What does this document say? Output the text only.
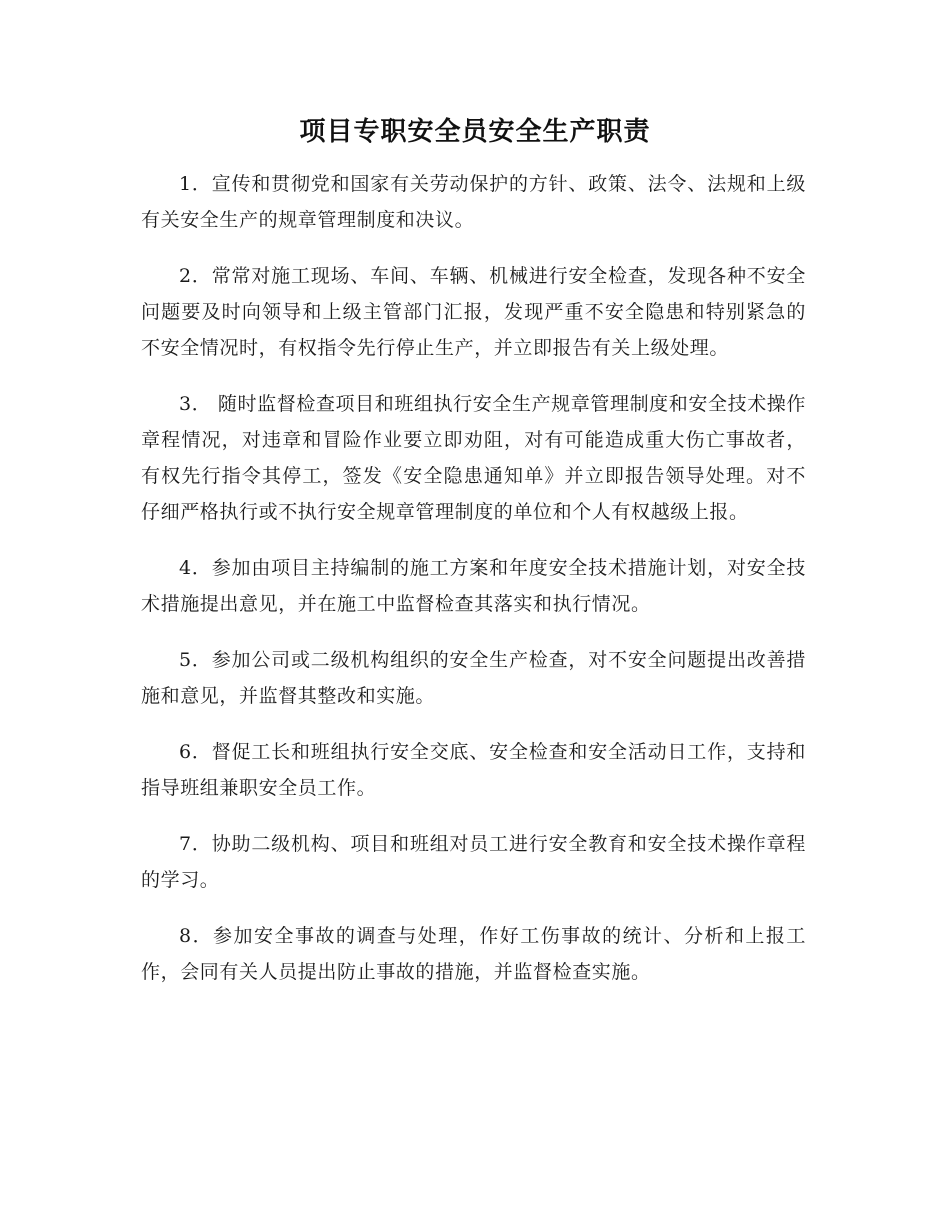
项目专职安全员安全生产职责

1．宣传和贯彻党和国家有关劳动保护的方针、政策、法令、法规和上级有关安全生产的规章管理制度和决议。

2．常常对施工现场、车间、车辆、机械进行安全检查，发现各种不安全问题要及时向领导和上级主管部门汇报，发现严重不安全隐患和特别紧急的不安全情况时，有权指令先行停止生产，并立即报告有关上级处理。

3． 随时监督检查项目和班组执行安全生产规章管理制度和安全技术操作章程情况，对违章和冒险作业要立即劝阻，对有可能造成重大伤亡事故者，有权先行指令其停工，签发《安全隐患通知单》并立即报告领导处理。对不仔细严格执行或不执行安全规章管理制度的单位和个人有权越级上报。

4．参加由项目主持编制的施工方案和年度安全技术措施计划，对安全技术措施提出意见，并在施工中监督检查其落实和执行情况。

5．参加公司或二级机构组织的安全生产检查，对不安全问题提出改善措施和意见，并监督其整改和实施。

6．督促工长和班组执行安全交底、安全检查和安全活动日工作，支持和指导班组兼职安全员工作。

7．协助二级机构、项目和班组对员工进行安全教育和安全技术操作章程的学习。

8．参加安全事故的调查与处理，作好工伤事故的统计、分析和上报工作，会同有关人员提出防止事故的措施，并监督检查实施。
